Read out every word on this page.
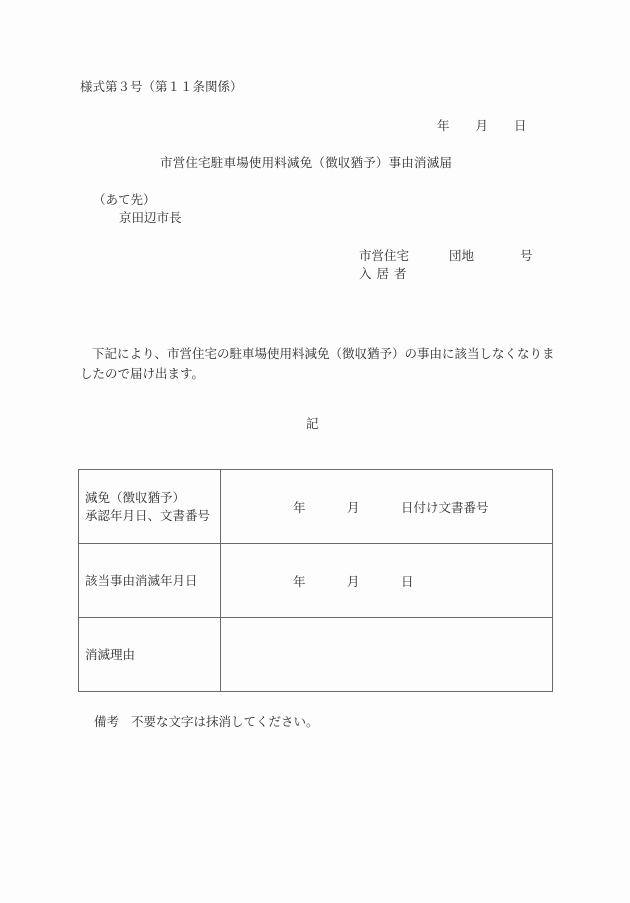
様式第３号（第１１条関係）
年 月 日
市営住宅駐車場使用料減免（徴収猶予）事由消滅届
（あて先）
京田辺市長
市営住宅	団地	号
入居者
下記により、市営住宅の駐車場使用料減免（徴収猶予）の事由に該当しなくなりましたので届け出ます。
記
減免（徴収猶予）
承認年月日、文書番号	年 月 日付け文書番号
該当事由消滅年月日	年 月 日
消滅理由	
備考 不要な文字は抹消してください。
